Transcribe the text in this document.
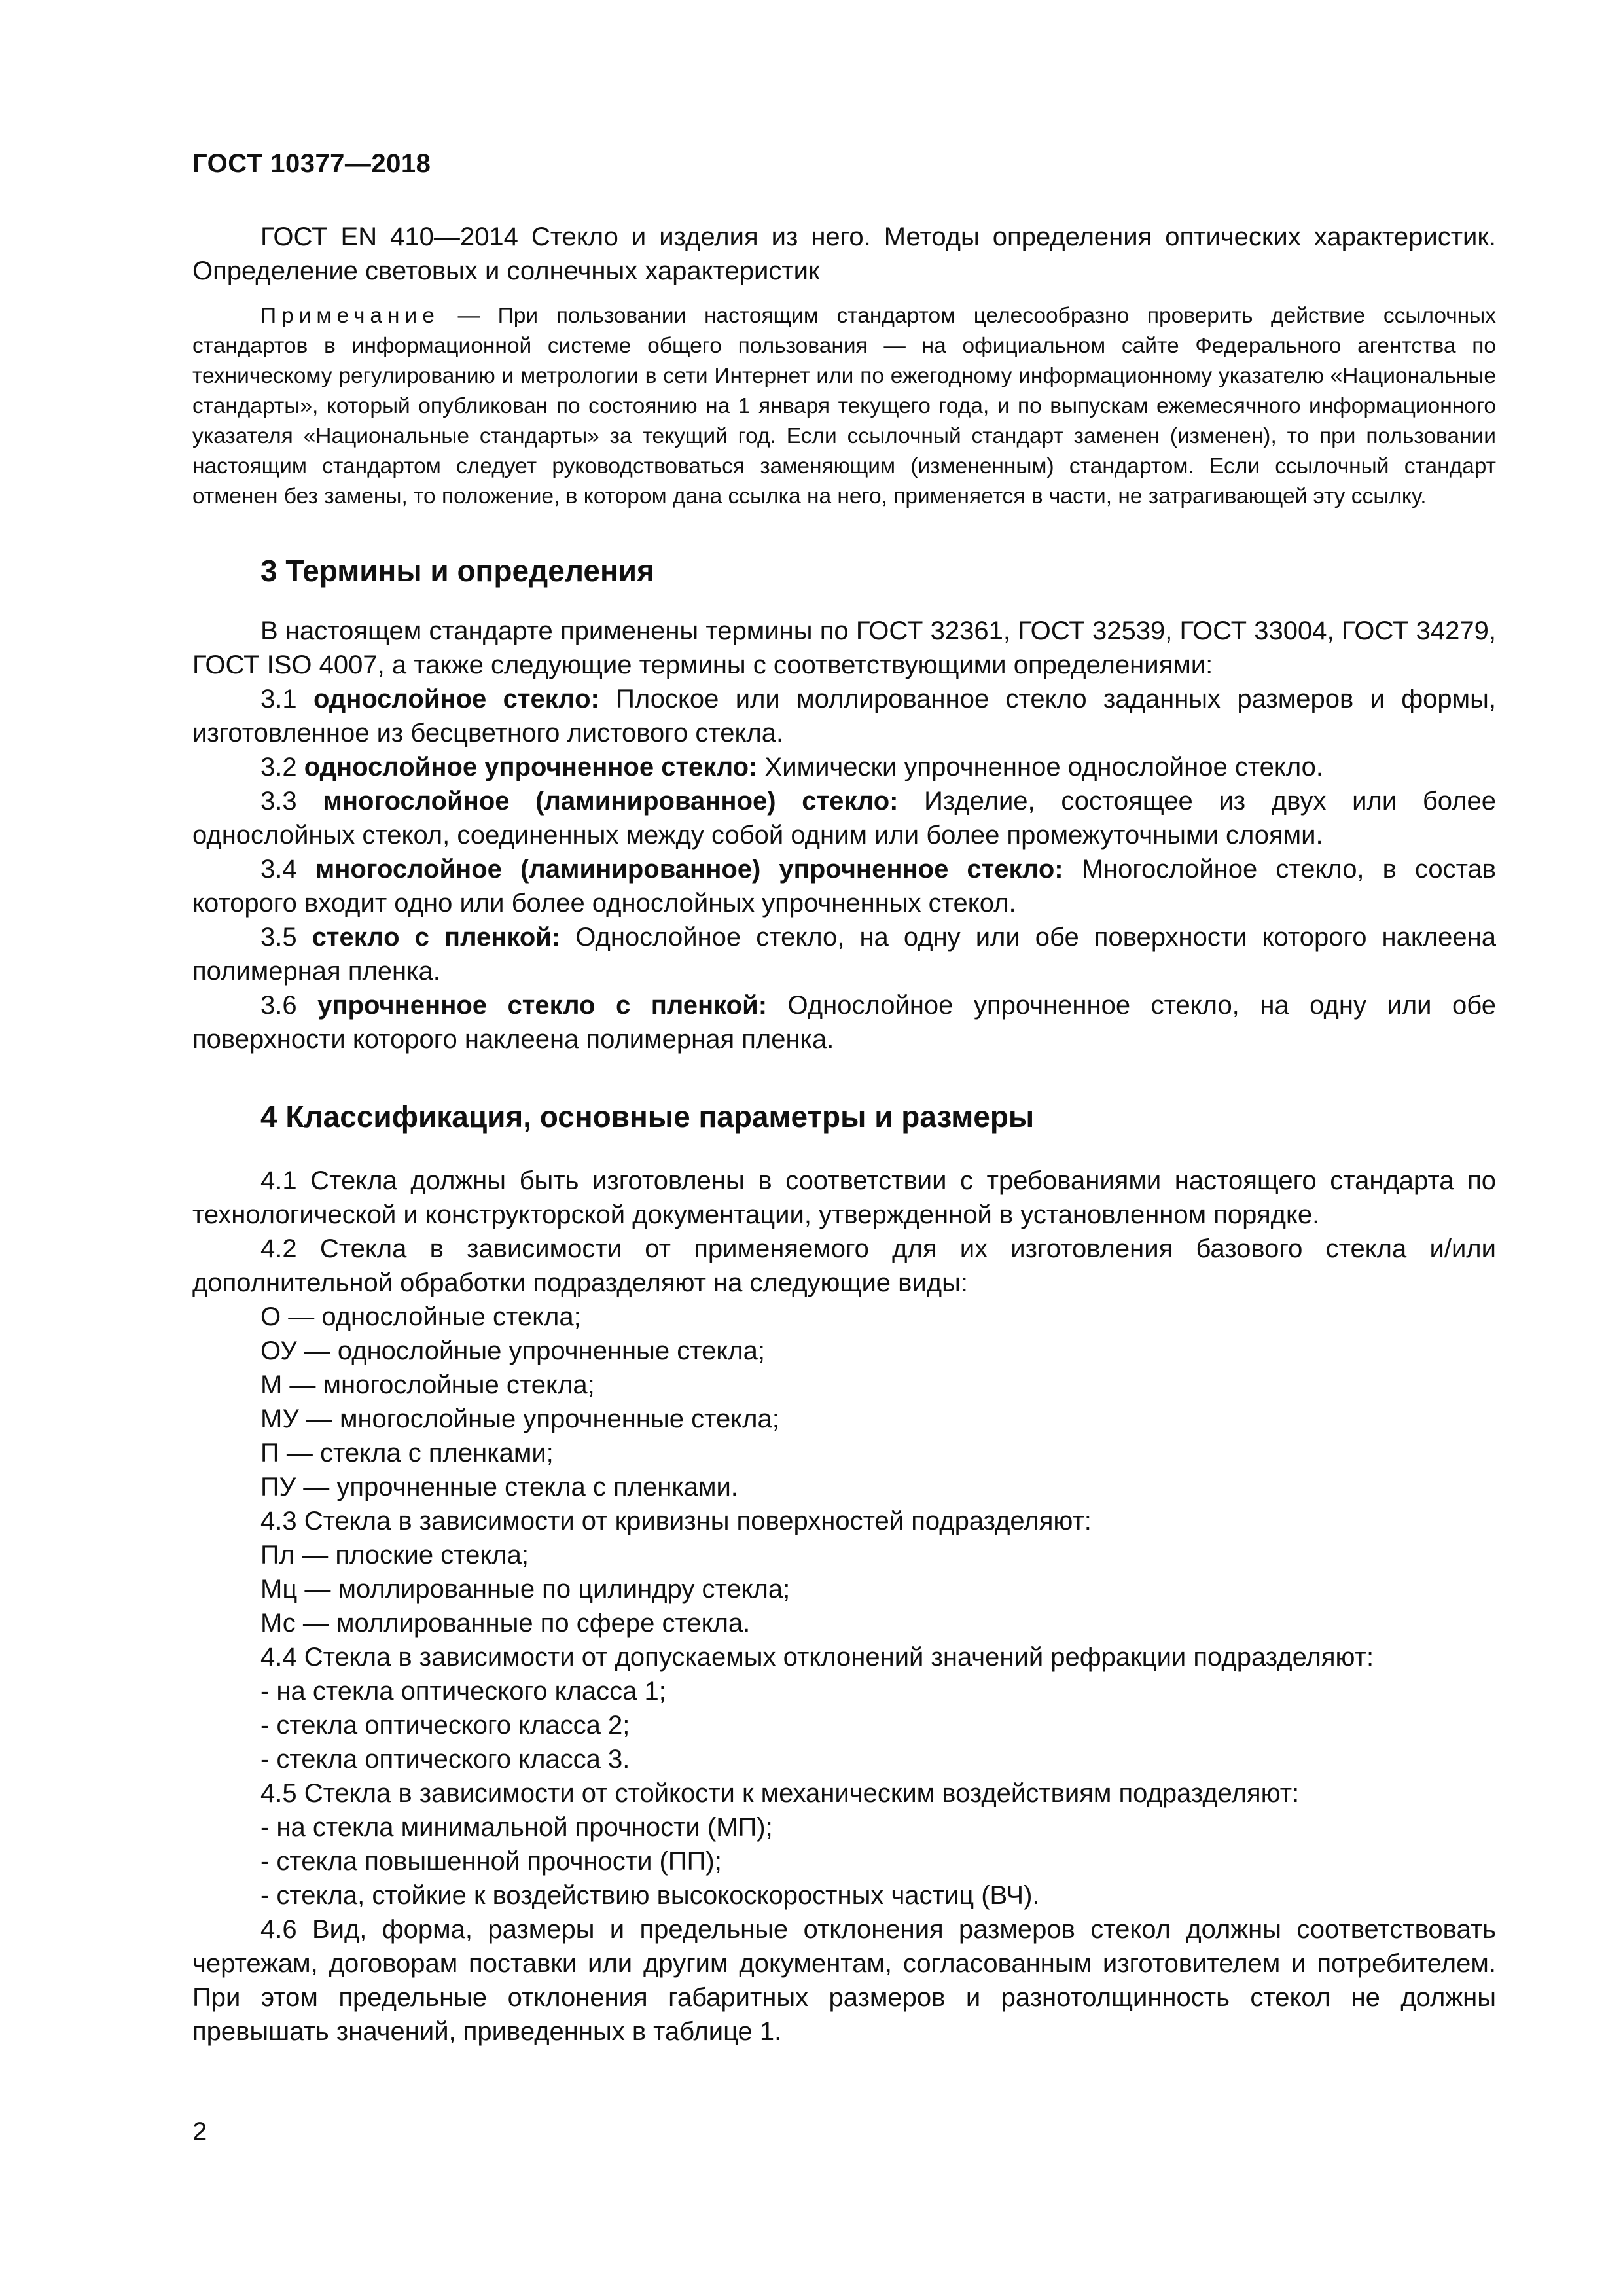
ГОСТ 10377—2018

ГОСТ EN 410—2014 Стекло и изделия из него. Методы определения оптических характеристик. Определение световых и солнечных характеристик

Примечание — При пользовании настоящим стандартом целесообразно проверить действие ссылочных стандартов в информационной системе общего пользования — на официальном сайте Федерального агентства по техническому регулированию и метрологии в сети Интернет или по ежегодному информационному указателю «Национальные стандарты», который опубликован по состоянию на 1 января текущего года, и по выпускам ежемесячного информационного указателя «Национальные стандарты» за текущий год. Если ссылочный стандарт заменен (изменен), то при пользовании настоящим стандартом следует руководствоваться заменяющим (измененным) стандартом. Если ссылочный стандарт отменен без замены, то положение, в котором дана ссылка на него, применяется в части, не затрагивающей эту ссылку.

3 Термины и определения

В настоящем стандарте применены термины по ГОСТ 32361, ГОСТ 32539, ГОСТ 33004, ГОСТ 34279, ГОСТ ISO 4007, а также следующие термины с соответствующими определениями:

3.1 однослойное стекло: Плоское или моллированное стекло заданных размеров и формы, изготовленное из бесцветного листового стекла.

3.2 однослойное упрочненное стекло: Химически упрочненное однослойное стекло.

3.3 многослойное (ламинированное) стекло: Изделие, состоящее из двух или более однослойных стекол, соединенных между собой одним или более промежуточными слоями.

3.4 многослойное (ламинированное) упрочненное стекло: Многослойное стекло, в состав которого входит одно или более однослойных упрочненных стекол.

3.5 стекло с пленкой: Однослойное стекло, на одну или обе поверхности которого наклеена полимерная пленка.

3.6 упрочненное стекло с пленкой: Однослойное упрочненное стекло, на одну или обе поверхности которого наклеена полимерная пленка.

4 Классификация, основные параметры и размеры

4.1 Стекла должны быть изготовлены в соответствии с требованиями настоящего стандарта по технологической и конструкторской документации, утвержденной в установленном порядке.

4.2 Стекла в зависимости от применяемого для их изготовления базового стекла и/или дополнительной обработки подразделяют на следующие виды:

О — однослойные стекла;

ОУ — однослойные упрочненные стекла;

М — многослойные стекла;

МУ — многослойные упрочненные стекла;

П — стекла с пленками;

ПУ — упрочненные стекла с пленками.

4.3 Стекла в зависимости от кривизны поверхностей подразделяют:

Пл — плоские стекла;

Мц — моллированные по цилиндру стекла;

Мс — моллированные по сфере стекла.

4.4 Стекла в зависимости от допускаемых отклонений значений рефракции подразделяют:

- на стекла оптического класса 1;

- стекла оптического класса 2;

- стекла оптического класса 3.

4.5 Стекла в зависимости от стойкости к механическим воздействиям подразделяют:

- на стекла минимальной прочности (МП);

- стекла повышенной прочности (ПП);

- стекла, стойкие к воздействию высокоскоростных частиц (ВЧ).

4.6 Вид, форма, размеры и предельные отклонения размеров стекол должны соответствовать чертежам, договорам поставки или другим документам, согласованным изготовителем и потребителем. При этом предельные отклонения габаритных размеров и разнотолщинность стекол не должны превышать значений, приведенных в таблице 1.

2
